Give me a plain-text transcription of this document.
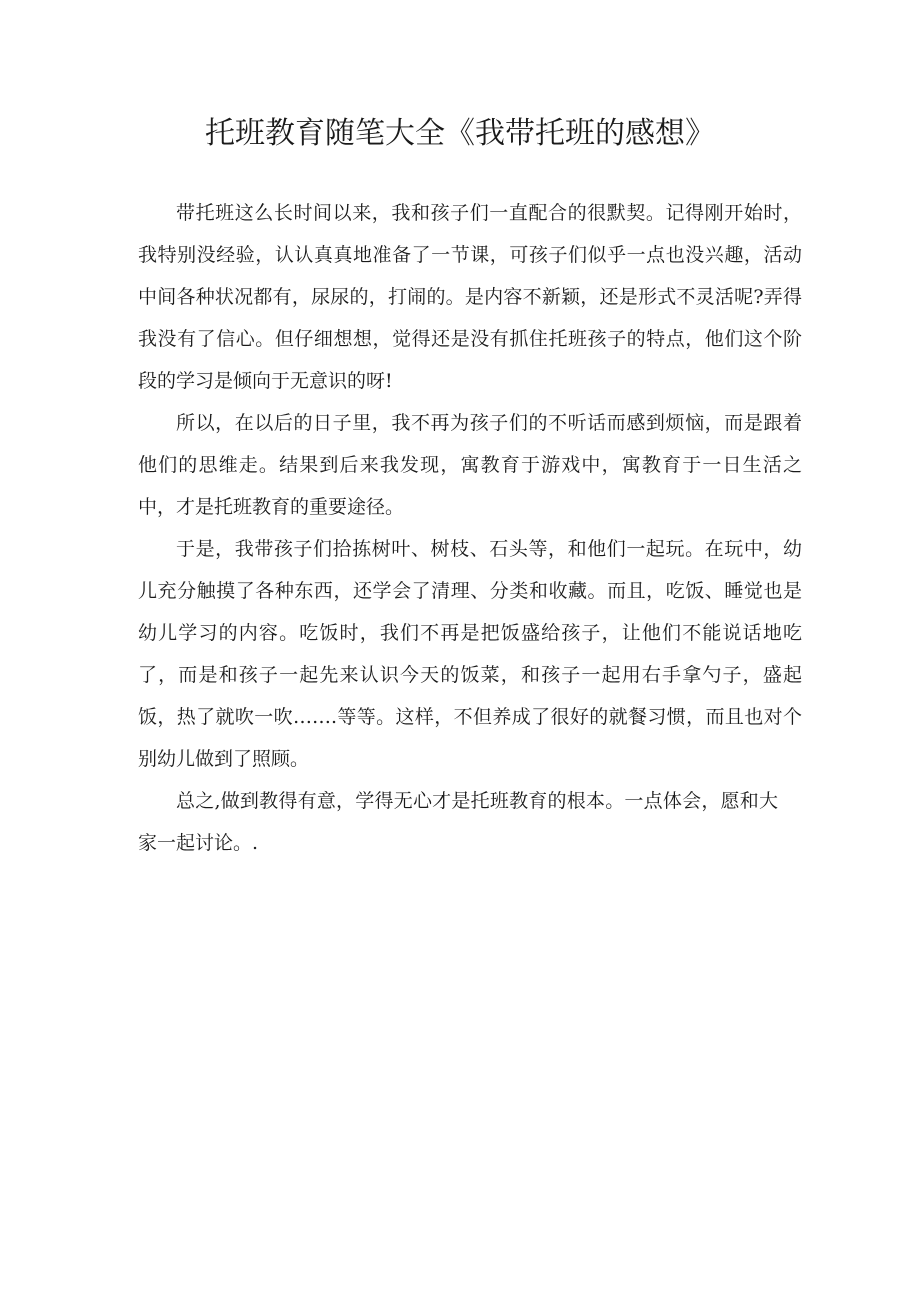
托班教育随笔大全《我带托班的感想》

带托班这么长时间以来，我和孩子们一直配合的很默契。记得刚开始时，我特别没经验，认认真真地准备了一节课，可孩子们似乎一点也没兴趣，活动中间各种状况都有，尿尿的，打闹的。是内容不新颖，还是形式不灵活呢?弄得我没有了信心。但仔细想想，觉得还是没有抓住托班孩子的特点，他们这个阶段的学习是倾向于无意识的呀!

所以，在以后的日子里，我不再为孩子们的不听话而感到烦恼，而是跟着他们的思维走。结果到后来我发现，寓教育于游戏中，寓教育于一日生活之中，才是托班教育的重要途径。

于是，我带孩子们拾拣树叶、树枝、石头等，和他们一起玩。在玩中，幼儿充分触摸了各种东西，还学会了清理、分类和收藏。而且，吃饭、睡觉也是幼儿学习的内容。吃饭时，我们不再是把饭盛给孩子，让他们不能说话地吃了，而是和孩子一起先来认识今天的饭菜，和孩子一起用右手拿勺子，盛起饭，热了就吹一吹…….等等。这样，不但养成了很好的就餐习惯，而且也对个别幼儿做到了照顾。

总之,做到教得有意，学得无心才是托班教育的根本。一点体会，愿和大家一起讨论。.
